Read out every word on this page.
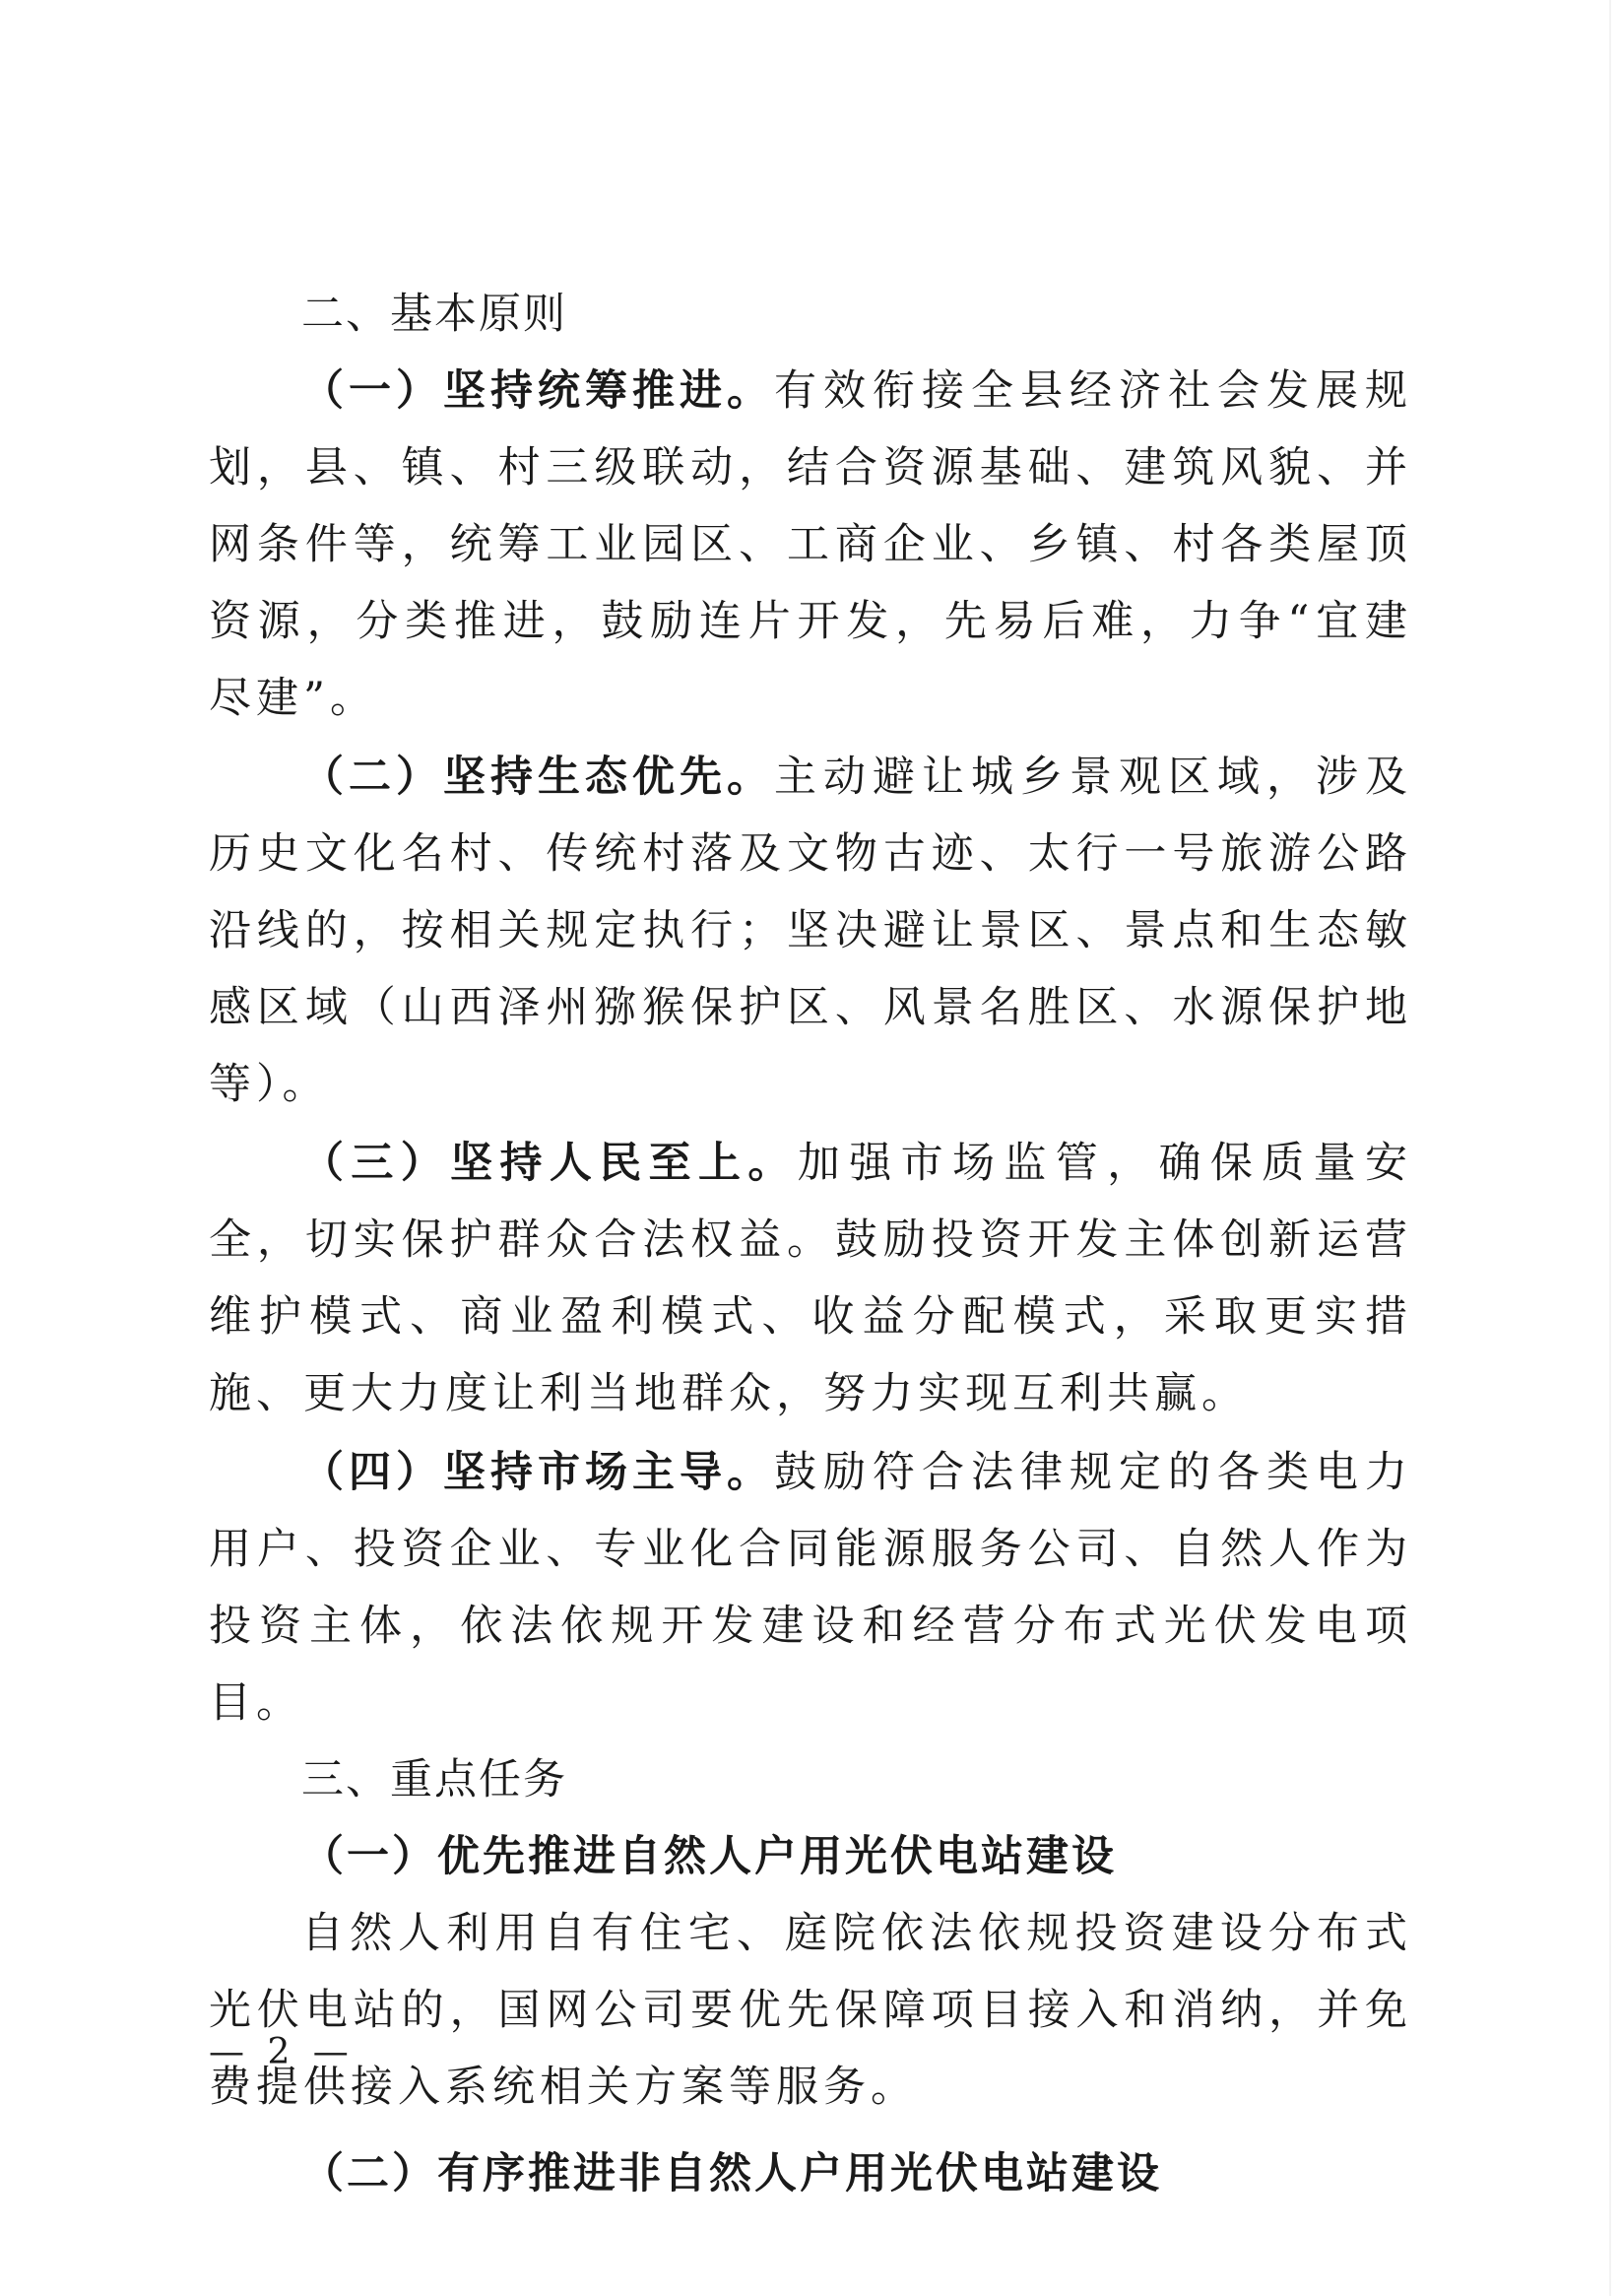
二、基本原则

（一）坚持统筹推进。有效衔接全县经济社会发展规划，县、镇、村三级联动，结合资源基础、建筑风貌、并网条件等，统筹工业园区、工商企业、乡镇、村各类屋顶资源，分类推进，鼓励连片开发，先易后难，力争“宜建尽建”。

（二）坚持生态优先。主动避让城乡景观区域，涉及历史文化名村、传统村落及文物古迹、太行一号旅游公路沿线的，按相关规定执行；坚决避让景区、景点和生态敏感区域（山西泽州猕猴保护区、风景名胜区、水源保护地等）。

（三）坚持人民至上。加强市场监管，确保质量安全，切实保护群众合法权益。鼓励投资开发主体创新运营维护模式、商业盈利模式、收益分配模式，采取更实措施、更大力度让利当地群众，努力实现互利共赢。

（四）坚持市场主导。鼓励符合法律规定的各类电力用户、投资企业、专业化合同能源服务公司、自然人作为投资主体，依法依规开发建设和经营分布式光伏发电项目。

三、重点任务

（一）优先推进自然人户用光伏电站建设

自然人利用自有住宅、庭院依法依规投资建设分布式光伏电站的，国网公司要优先保障项目接入和消纳，并免费提供接入系统相关方案等服务。

（二）有序推进非自然人户用光伏电站建设

— 2 —
